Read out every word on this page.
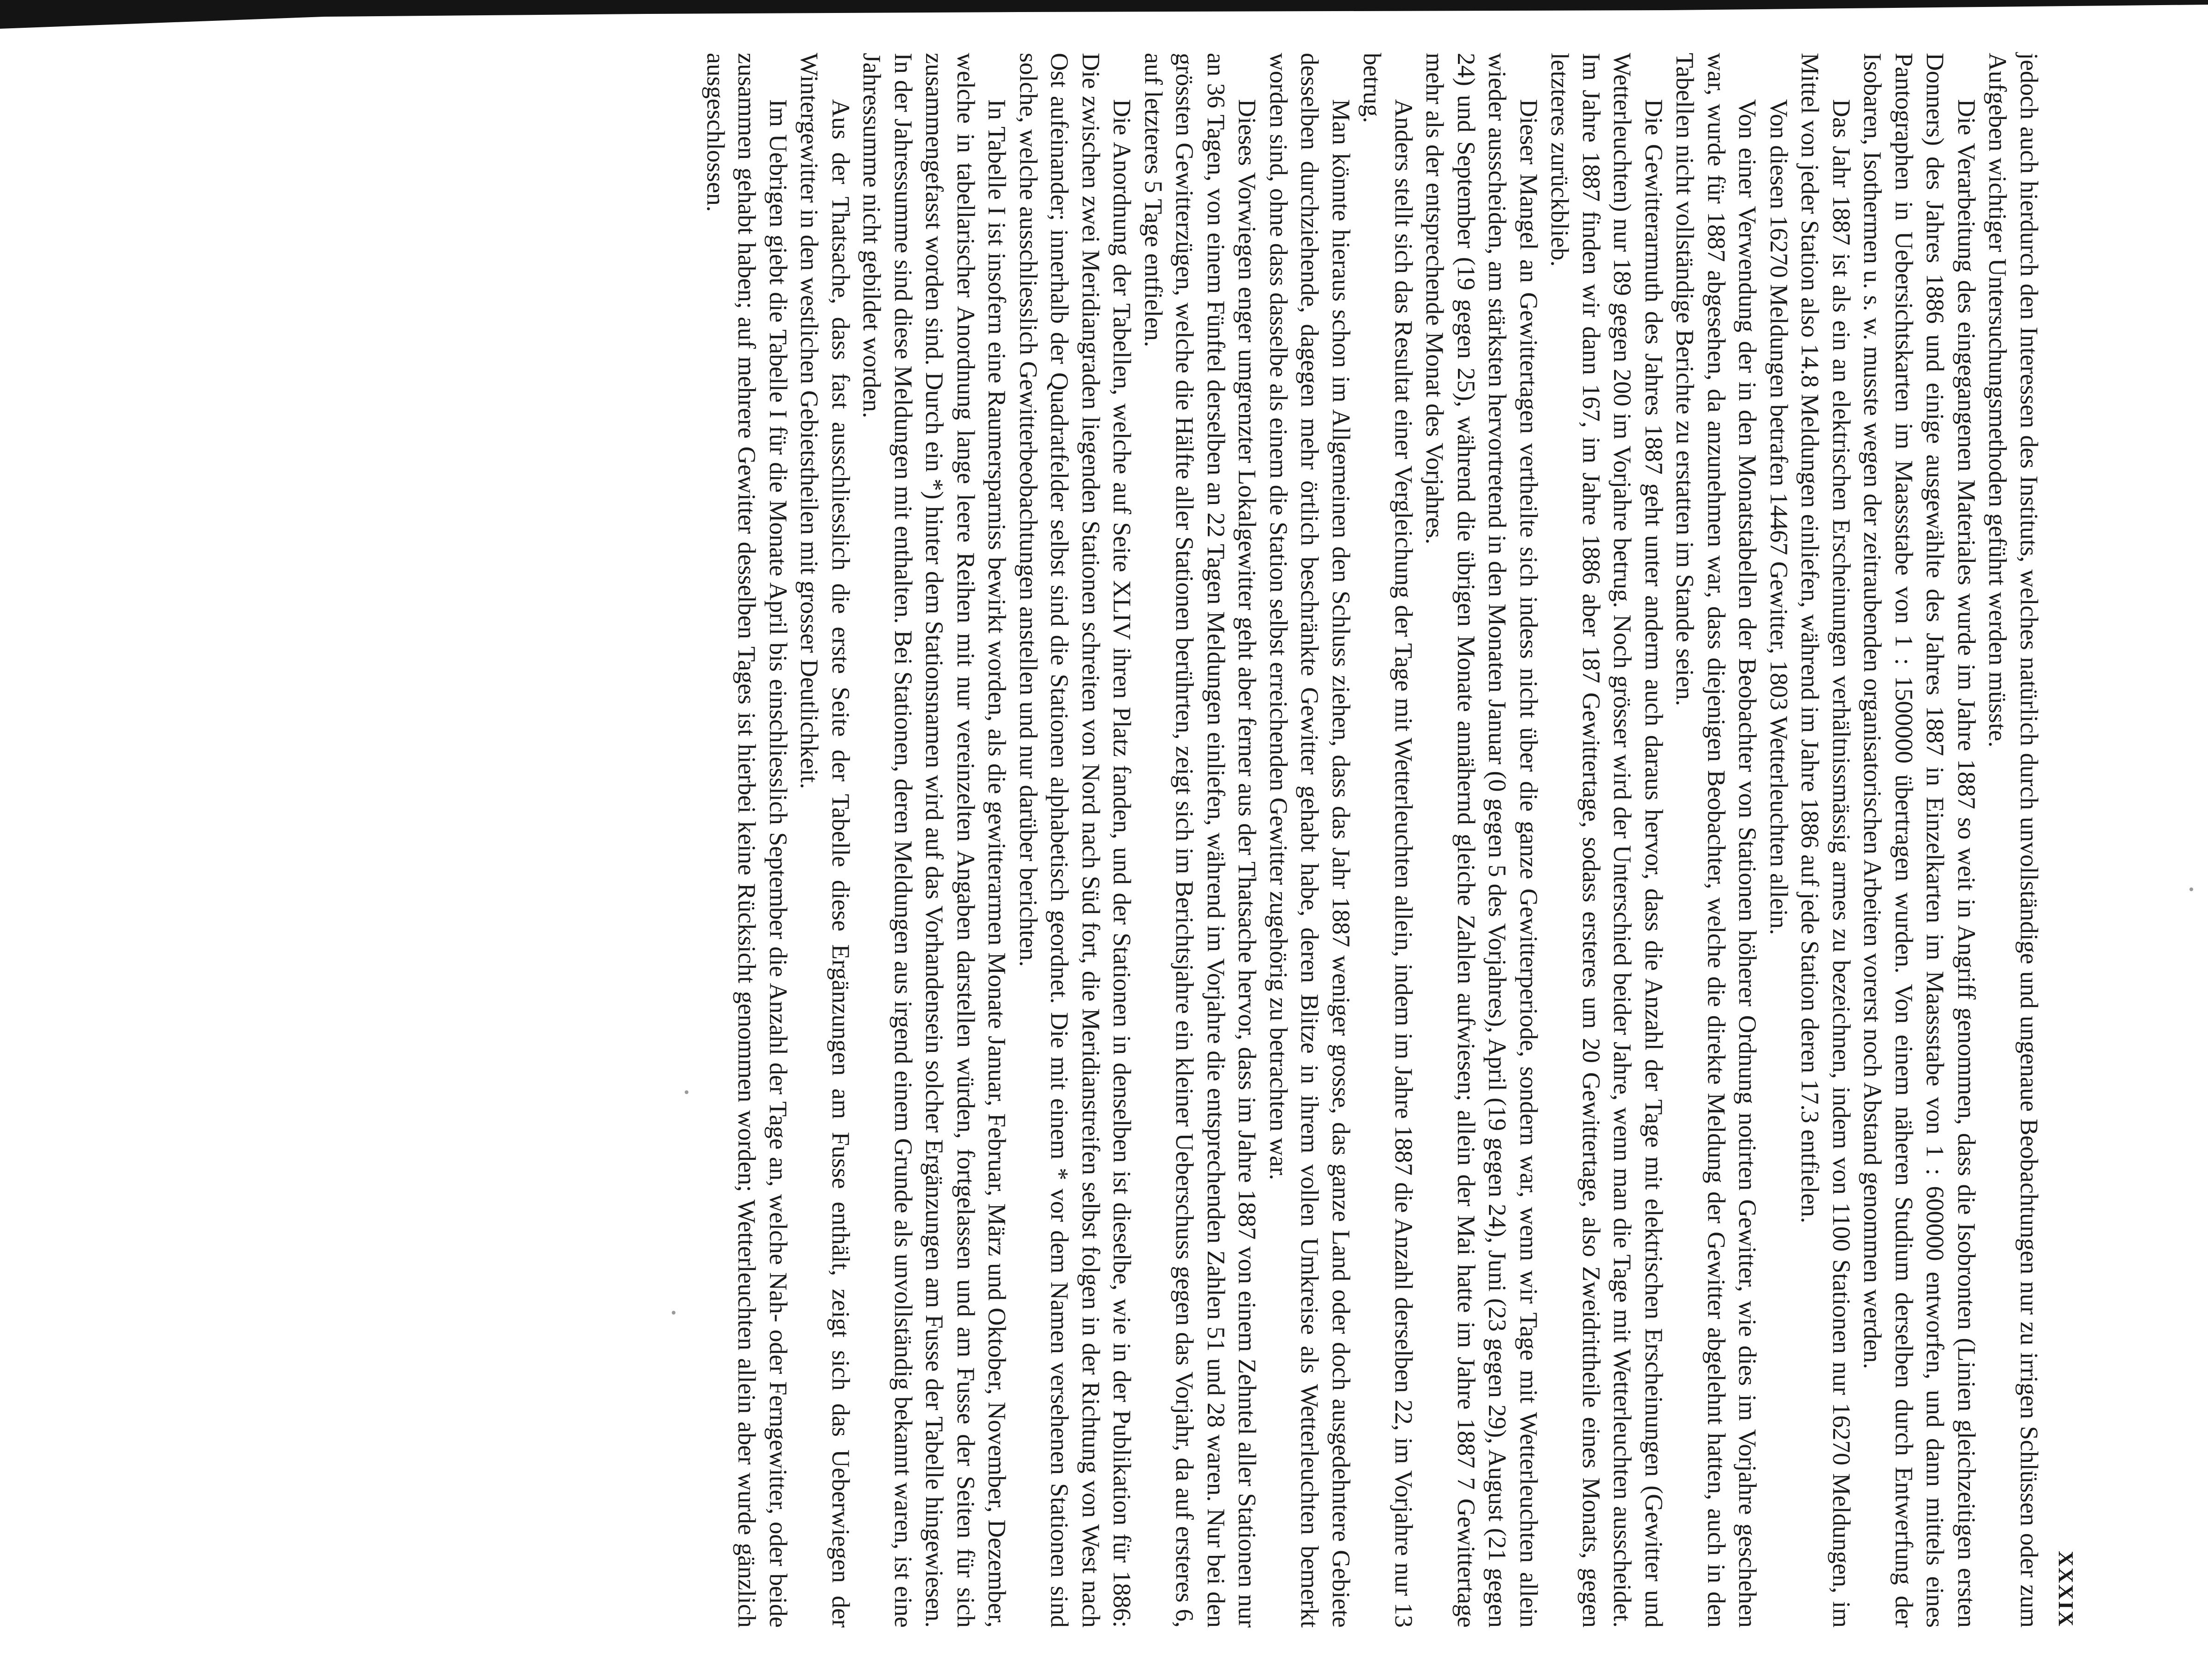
XXXIX

jedoch auch hierdurch den Interessen des Instituts, welches natürlich durch unvollständige und ungenaue Beobachtungen nur zu irrigen Schlüssen oder zum Aufgeben wichtiger Untersuchungsmethoden geführt werden müsste.

Die Verarbeitung des eingegangenen Materiales wurde im Jahre 1887 so weit in Angriff genommen, dass die Isobronten (Linien gleichzeitigen ersten Donners) des Jahres 1886 und einige ausgewählte des Jahres 1887 in Einzelkarten im Maassstabe von 1 : 600000 entworfen, und dann mittels eines Pantographen in Uebersichtskarten im Maassstabe von 1 : 1500000 übertragen wurden. Von einem näheren Studium derselben durch Entwerfung der Isobaren, Isothermen u. s. w. musste wegen der zeitraubenden organisatorischen Arbeiten vorerst noch Abstand genommen werden.

Das Jahr 1887 ist als ein an elektrischen Erscheinungen verhältnissmässig armes zu bezeichnen, indem von 1100 Stationen nur 16270 Meldungen, im Mittel von jeder Station also 14.8 Meldungen einliefen, während im Jahre 1886 auf jede Station deren 17.3 entfielen.

Von diesen 16270 Meldungen betrafen 14467 Gewitter, 1803 Wetterleuchten allein.

Von einer Verwendung der in den Monatstabellen der Beobachter von Stationen höherer Ordnung notirten Gewitter, wie dies im Vorjahre geschehen war, wurde für 1887 abgesehen, da anzunehmen war, dass diejenigen Beobachter, welche die direkte Meldung der Gewitter abgelehnt hatten, auch in den Tabellen nicht vollständige Berichte zu erstatten im Stande seien.

Die Gewitterarmuth des Jahres 1887 geht unter anderm auch daraus hervor, dass die Anzahl der Tage mit elektrischen Erscheinungen (Gewitter und Wetterleuchten) nur 189 gegen 200 im Vorjahre betrug. Noch grösser wird der Unterschied beider Jahre, wenn man die Tage mit Wetterleuchten ausscheidet. Im Jahre 1887 finden wir dann 167, im Jahre 1886 aber 187 Gewittertage, sodass ersteres um 20 Gewittertage, also Zweidrittheile eines Monats, gegen letzteres zurückblieb.

Dieser Mangel an Gewittertagen vertheilte sich indess nicht über die ganze Gewitterperiode, sondern war, wenn wir Tage mit Wetterleuchten allein wieder ausscheiden, am stärksten hervortretend in den Monaten Januar (0 gegen 5 des Vorjahres), April (19 gegen 24), Juni (23 gegen 29), August (21 gegen 24) und September (19 gegen 25), während die übrigen Monate annähernd gleiche Zahlen aufwiesen; allein der Mai hatte im Jahre 1887 7 Gewittertage mehr als der entsprechende Monat des Vorjahres.

Anders stellt sich das Resultat einer Vergleichung der Tage mit Wetterleuchten allein, indem im Jahre 1887 die Anzahl derselben 22, im Vorjahre nur 13 betrug.

Man könnte hieraus schon im Allgemeinen den Schluss ziehen, dass das Jahr 1887 weniger grosse, das ganze Land oder doch ausgedehntere Gebiete desselben durchziehende, dagegen mehr örtlich beschränkte Gewitter gehabt habe, deren Blitze in ihrem vollen Umkreise als Wetterleuchten bemerkt worden sind, ohne dass dasselbe als einem die Station selbst erreichenden Gewitter zugehörig zu betrachten war.

Dieses Vorwiegen enger umgrenzter Lokalgewitter geht aber ferner aus der Thatsache hervor, dass im Jahre 1887 von einem Zehntel aller Stationen nur an 36 Tagen, von einem Fünftel derselben an 22 Tagen Meldungen einliefen, während im Vorjahre die entsprechenden Zahlen 51 und 28 waren. Nur bei den grössten Gewitterzügen, welche die Hälfte aller Stationen berührten, zeigt sich im Berichtsjahre ein kleiner Ueberschuss gegen das Vorjahr, da auf ersteres 6, auf letzteres 5 Tage entfielen.

Die Anordnung der Tabellen, welche auf Seite XLIV ihren Platz fanden, und der Stationen in denselben ist dieselbe, wie in der Publikation für 1886: Die zwischen zwei Meridiangraden liegenden Stationen schreiten von Nord nach Süd fort, die Meridianstreifen selbst folgen in der Richtung von West nach Ost aufeinander; innerhalb der Quadratfelder selbst sind die Stationen alphabetisch geordnet. Die mit einem * vor dem Namen versehenen Stationen sind solche, welche ausschliesslich Gewitterbeobachtungen anstellen und nur darüber berichten.

In Tabelle I ist insofern eine Raumersparniss bewirkt worden, als die gewitterarmen Monate Januar, Februar, März und Oktober, November, Dezember, welche in tabellarischer Anordnung lange leere Reihen mit nur vereinzelten Angaben darstellen würden, fortgelassen und am Fusse der Seiten für sich zusammengefasst worden sind. Durch ein *) hinter dem Stationsnamen wird auf das Vorhandensein solcher Ergänzungen am Fusse der Tabelle hingewiesen. In der Jahressumme sind diese Meldungen mit enthalten. Bei Stationen, deren Meldungen aus irgend einem Grunde als unvollständig bekannt waren, ist eine Jahressumme nicht gebildet worden.

Aus der Thatsache, dass fast ausschliesslich die erste Seite der Tabelle diese Ergänzungen am Fusse enthält, zeigt sich das Ueberwiegen der Wintergewitter in den westlichen Gebietstheilen mit grosser Deutlichkeit.

Im Uebrigen giebt die Tabelle I für die Monate April bis einschliesslich September die Anzahl der Tage an, welche Nah- oder Ferngewitter, oder beide zusammen gehabt haben; auf mehrere Gewitter desselben Tages ist hierbei keine Rücksicht genommen worden; Wetterleuchten allein aber wurde gänzlich ausgeschlossen.
